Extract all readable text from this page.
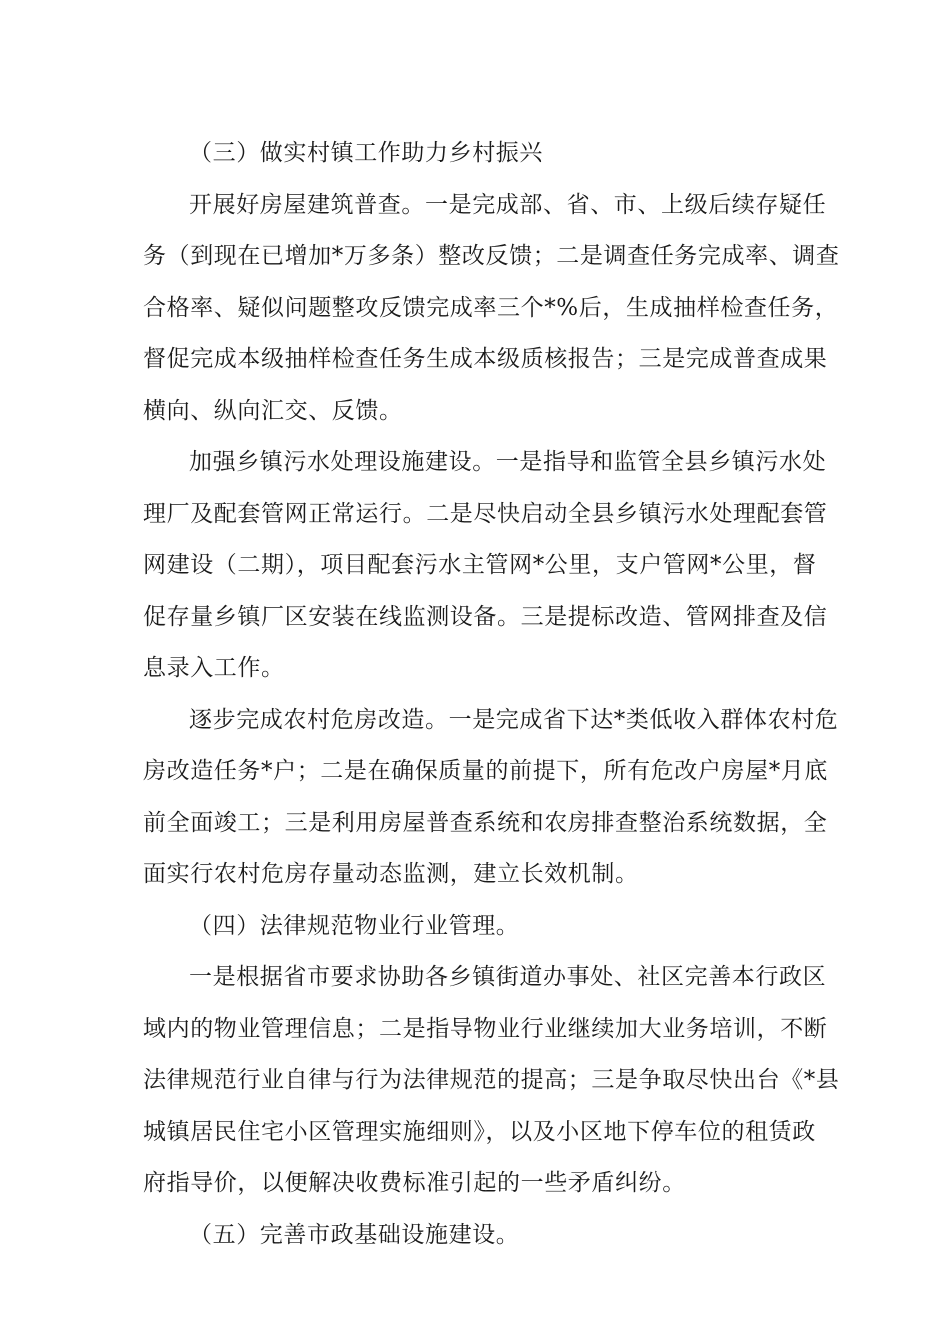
（三）做实村镇工作助力乡村振兴
开展好房屋建筑普查。一是完成部、省、市、上级后续存疑任
务（到现在已增加*万多条）整改反馈；二是调查任务完成率、调查
合格率、疑似问题整攻反馈完成率三个*%后，生成抽样检查任务，
督促完成本级抽样检查任务生成本级质核报告；三是完成普查成果
横向、纵向汇交、反馈。
加强乡镇污水处理设施建设。一是指导和监管全县乡镇污水处
理厂及配套管网正常运行。二是尽快启动全县乡镇污水处理配套管
网建设（二期），项目配套污水主管网*公里，支户管网*公里，督
促存量乡镇厂区安装在线监测设备。三是提标改造、管网排查及信
息录入工作。
逐步完成农村危房改造。一是完成省下达*类低收入群体农村危
房改造任务*户；二是在确保质量的前提下，所有危改户房屋*月底
前全面竣工；三是利用房屋普查系统和农房排查整治系统数据，全
面实行农村危房存量动态监测，建立长效机制。
（四）法律规范物业行业管理。
一是根据省市要求协助各乡镇街道办事处、社区完善本行政区
域内的物业管理信息；二是指导物业行业继续加大业务培训，不断
法律规范行业自律与行为法律规范的提高；三是争取尽快出台《*县
城镇居民住宅小区管理实施细则》，以及小区地下停车位的租赁政
府指导价，以便解决收费标准引起的一些矛盾纠纷。
（五）完善市政基础设施建设。
